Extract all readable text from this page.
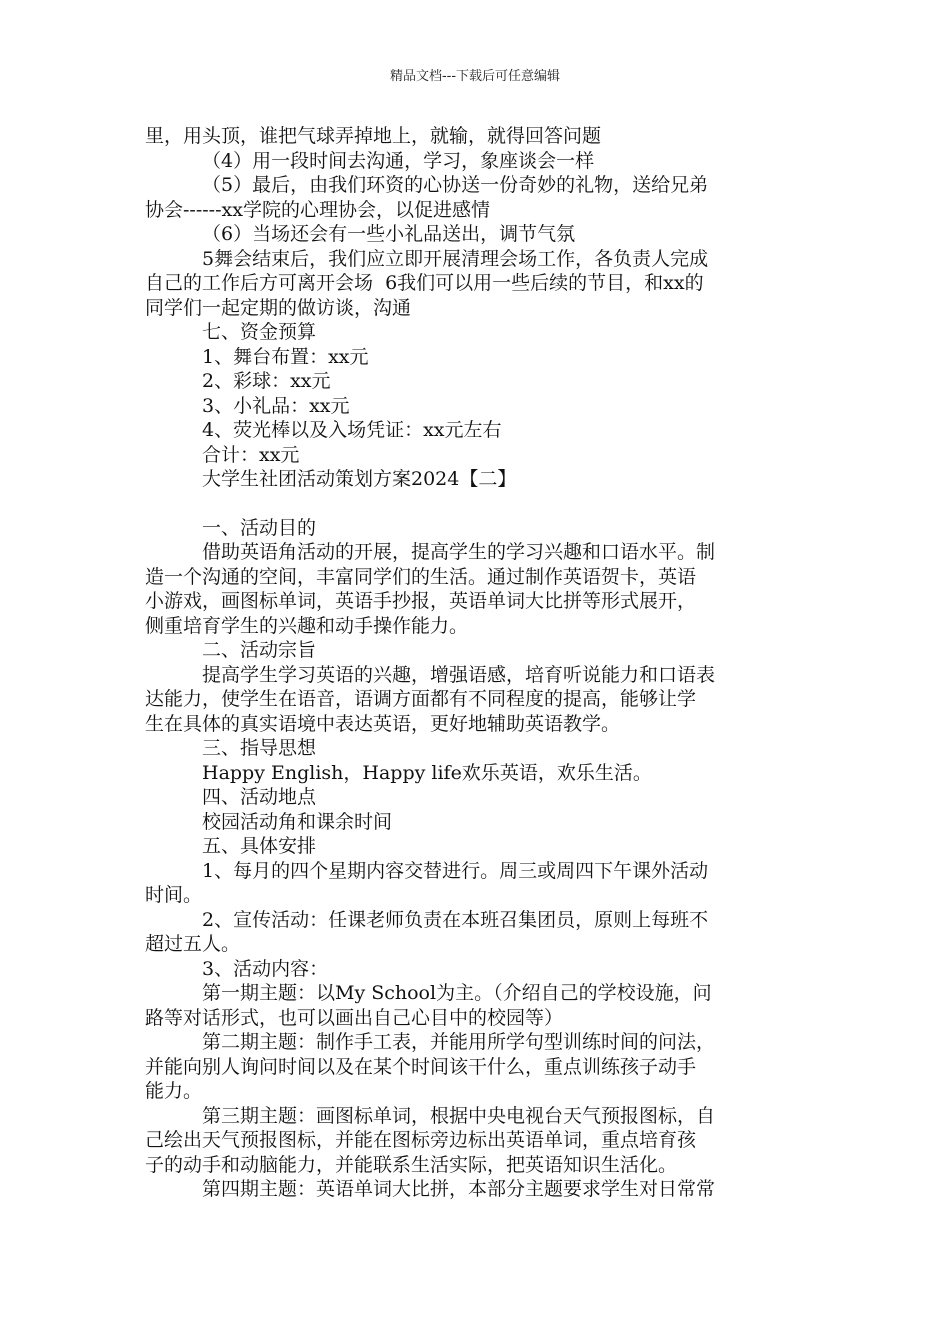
精品文档---下载后可任意编辑

里，用头顶，谁把气球弄掉地上，就输，就得回答问题

（4）用一段时间去沟通，学习，象座谈会一样

（5）最后，由我们环资的心协送一份奇妙的礼物，送给兄弟

协会------xx学院的心理协会，以促进感情

（6）当场还会有一些小礼品送出，调节气氛

5舞会结束后，我们应立即开展清理会场工作，各负责人完成

自己的工作后方可离开会场  6我们可以用一些后续的节目，和xx的

同学们一起定期的做访谈，沟通

七、资金预算

1、舞台布置：xx元

2、彩球：xx元

3、小礼品：xx元

4、荧光棒以及入场凭证：xx元左右

合计：xx元

大学生社团活动策划方案2024【二】

一、活动目的

借助英语角活动的开展，提高学生的学习兴趣和口语水平。制

造一个沟通的空间，丰富同学们的生活。通过制作英语贺卡，英语

小游戏，画图标单词，英语手抄报，英语单词大比拼等形式展开，

侧重培育学生的兴趣和动手操作能力。

二、活动宗旨

提高学生学习英语的兴趣，增强语感，培育听说能力和口语表

达能力，使学生在语音，语调方面都有不同程度的提高，能够让学

生在具体的真实语境中表达英语，更好地辅助英语教学。

三、指导思想

Happy English，Happy life欢乐英语，欢乐生活。

四、活动地点

校园活动角和课余时间

五、具体安排

1、每月的四个星期内容交替进行。周三或周四下午课外活动

时间。

2、宣传活动：任课老师负责在本班召集团员，原则上每班不

超过五人。

3、活动内容：

第一期主题：以My School为主。（介绍自己的学校设施，问

路等对话形式，也可以画出自己心目中的校园等）

第二期主题：制作手工表，并能用所学句型训练时间的问法，

并能向别人询问时间以及在某个时间该干什么，重点训练孩子动手

能力。

第三期主题：画图标单词，根据中央电视台天气预报图标，自

己绘出天气预报图标，并能在图标旁边标出英语单词，重点培育孩

子的动手和动脑能力，并能联系生活实际，把英语知识生活化。

第四期主题：英语单词大比拼，本部分主题要求学生对日常常
